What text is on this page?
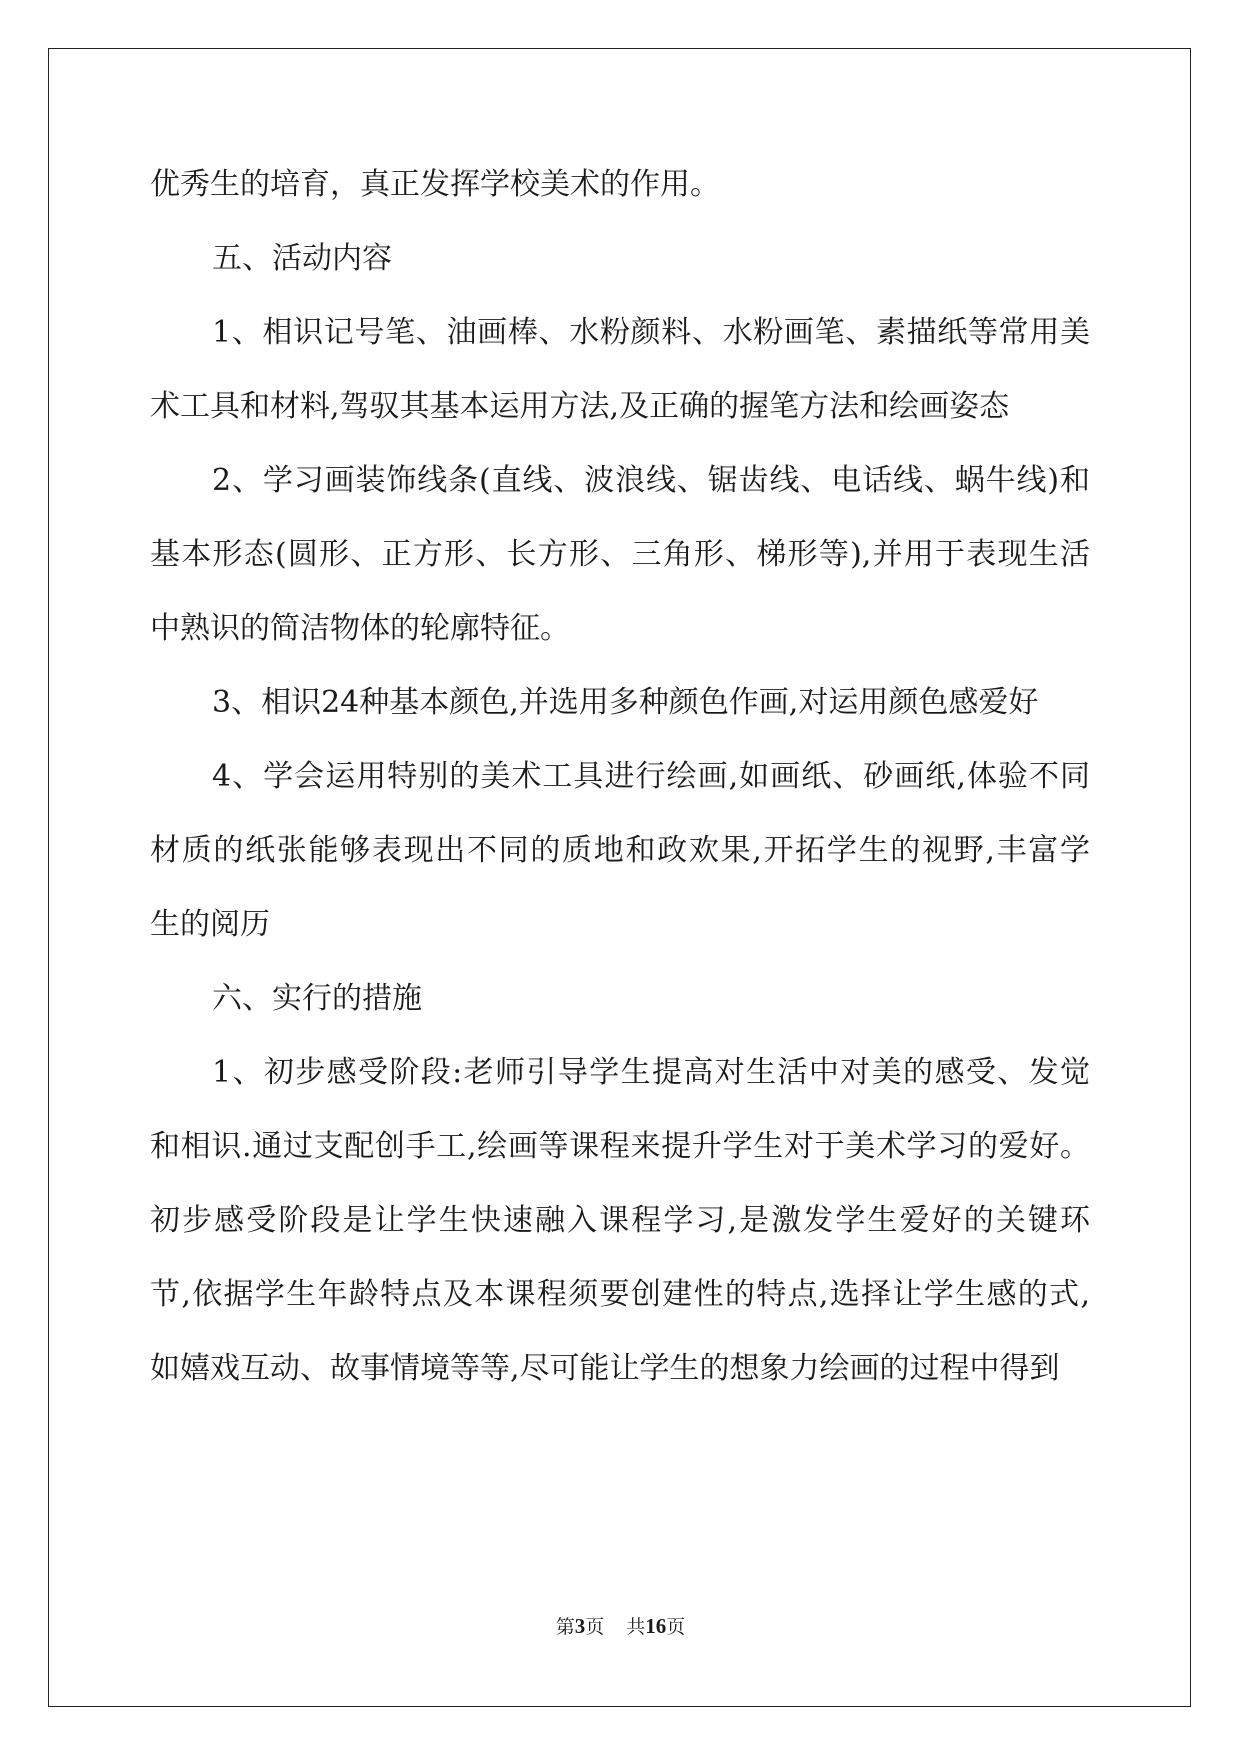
优秀生的培育，真正发挥学校美术的作用。
五、活动内容
1、相识记号笔、油画棒、水粉颜料、水粉画笔、素描纸等常用美
术工具和材料,驾驭其基本运用方法,及正确的握笔方法和绘画姿态
2、学习画装饰线条(直线、波浪线、锯齿线、电话线、蜗牛线)和
基本形态(圆形、正方形、长方形、三角形、梯形等),并用于表现生活
中熟识的简洁物体的轮廓特征。
3、相识24种基本颜色,并选用多种颜色作画,对运用颜色感爱好
4、学会运用特别的美术工具进行绘画,如画纸、砂画纸,体验不同
材质的纸张能够表现出不同的质地和政欢果,开拓学生的视野,丰富学
生的阅历
六、实行的措施
1、初步感受阶段:老师引导学生提高对生活中对美的感受、发觉
和相识.通过支配创手工,绘画等课程来提升学生对于美术学习的爱好。
初步感受阶段是让学生快速融入课程学习,是激发学生爱好的关键环
节,依据学生年龄特点及本课程须要创建性的特点,选择让学生感的式,
如嬉戏互动、故事情境等等,尽可能让学生的想象力绘画的过程中得到
第3页 共16页
